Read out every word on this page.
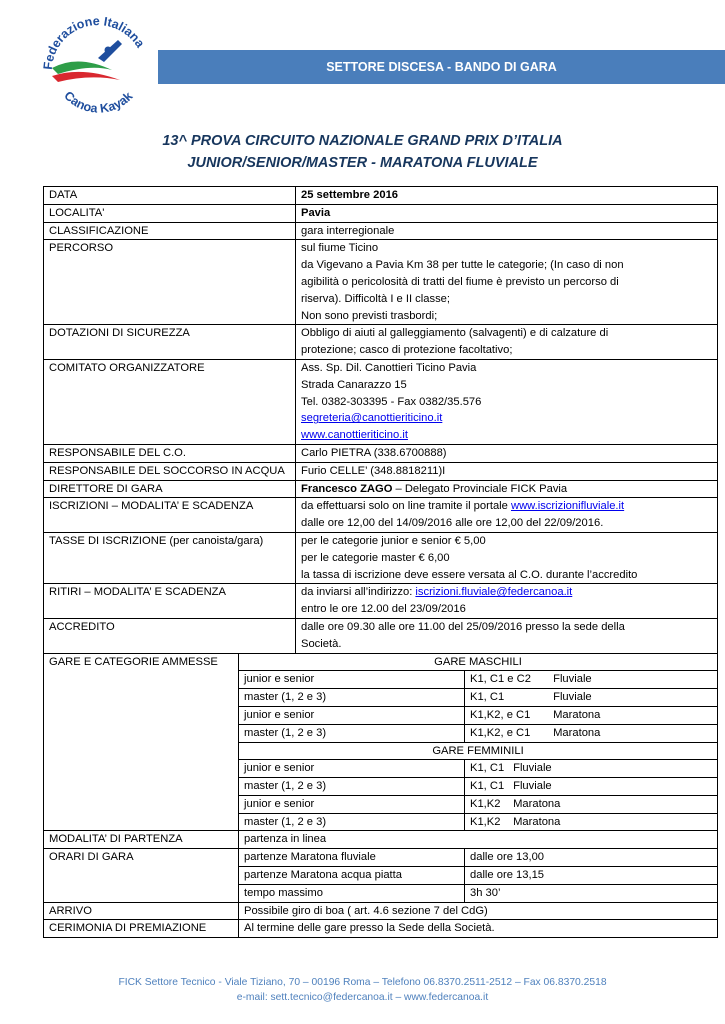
Federazione Italiana
Canoa Kayak
SETTORE DISCESA - BANDO DI GARA
13^ PROVA CIRCUITO NAZIONALE GRAND PRIX D’ITALIA
JUNIOR/SENIOR/MASTER - MARATONA FLUVIALE
DATA		25 settembre 2016	
LOCALITA'		Pavia	
CLASSIFICAZIONE		gara interregionale	
PERCORSO		sul fiume Ticino
da Vigevano a Pavia Km 38 per tutte le categorie; (In caso di non
agibilità o pericolosità di tratti del fiume è previsto un percorso di
riserva). Difficoltà I e II classe;
Non sono previsti trasbordi;	

DOTAZIONI DI SICUREZZA		Obbligo di aiuti al galleggiamento (salvagenti) e di calzature di
protezione; casco di protezione facoltativo;	

COMITATO ORGANIZZATORE		Ass. Sp. Dil. Canottieri Ticino Pavia
Strada Canarazzo 15
Tel. 0382-303395 - Fax 0382/35.576
segreteria@canottieriticino.it
www.canottieriticino.it	

RESPONSABILE DEL C.O.		Carlo PIETRA (338.6700888)	
RESPONSABILE DEL SOCCORSO IN ACQUA		Furio CELLE’ (348.8818211)I	
DIRETTORE DI GARA		Francesco ZAGO – Delegato Provinciale FICK Pavia	
ISCRIZIONI – MODALITA’ E SCADENZA		da effettuarsi solo on line tramite il portale www.iscrizionifluviale.it
dalle ore 12,00 del 14/09/2016 alle ore 12,00 del 22/09/2016.	

TASSE DI ISCRIZIONE (per canoista/gara)		per le categorie junior e senior € 5,00
per le categorie master € 6,00
la tassa di iscrizione deve essere versata al C.O. durante l’accredito	

RITIRI – MODALITA’ E SCADENZA		da inviarsi all’indirizzo: iscrizioni.fluviale@federcanoa.it
entro le ore 12.00 del 23/09/2016	

ACCREDITO		dalle ore 09.30 alle ore 11.00 del 25/09/2016 presso la sede della
Società.	

GARE E CATEGORIE AMMESSE	GARE MASCHILI		
	junior e senior		K1, C1 e C2 Fluviale
	master (1, 2 e 3)		K1, C1 Fluviale
	junior e senior		K1,K2, e C1 Maratona
	master (1, 2 e 3)		K1,K2, e C1 Maratona
	GARE FEMMINILI		
	junior e senior		K1, C1 Fluviale
	master (1, 2 e 3)		K1, C1 Fluviale
	junior e senior		K1,K2 Maratona
	master (1, 2 e 3)		K1,K2 Maratona
MODALITA’ DI PARTENZA	partenza in linea		
ORARI DI GARA	partenze Maratona fluviale		dalle ore 13,00
	partenze Maratona acqua piatta		dalle ore 13,15
	tempo massimo		3h 30’
ARRIVO	Possibile giro di boa ( art. 4.6 sezione 7 del CdG)		
CERIMONIA DI PREMIAZIONE	Al termine delle gare presso la Sede della Società.		
FICK Settore Tecnico - Viale Tiziano, 70 – 00196 Roma – Telefono 06.8370.2511-2512 – Fax 06.8370.2518
e-mail: sett.tecnico@federcanoa.it – www.federcanoa.it
